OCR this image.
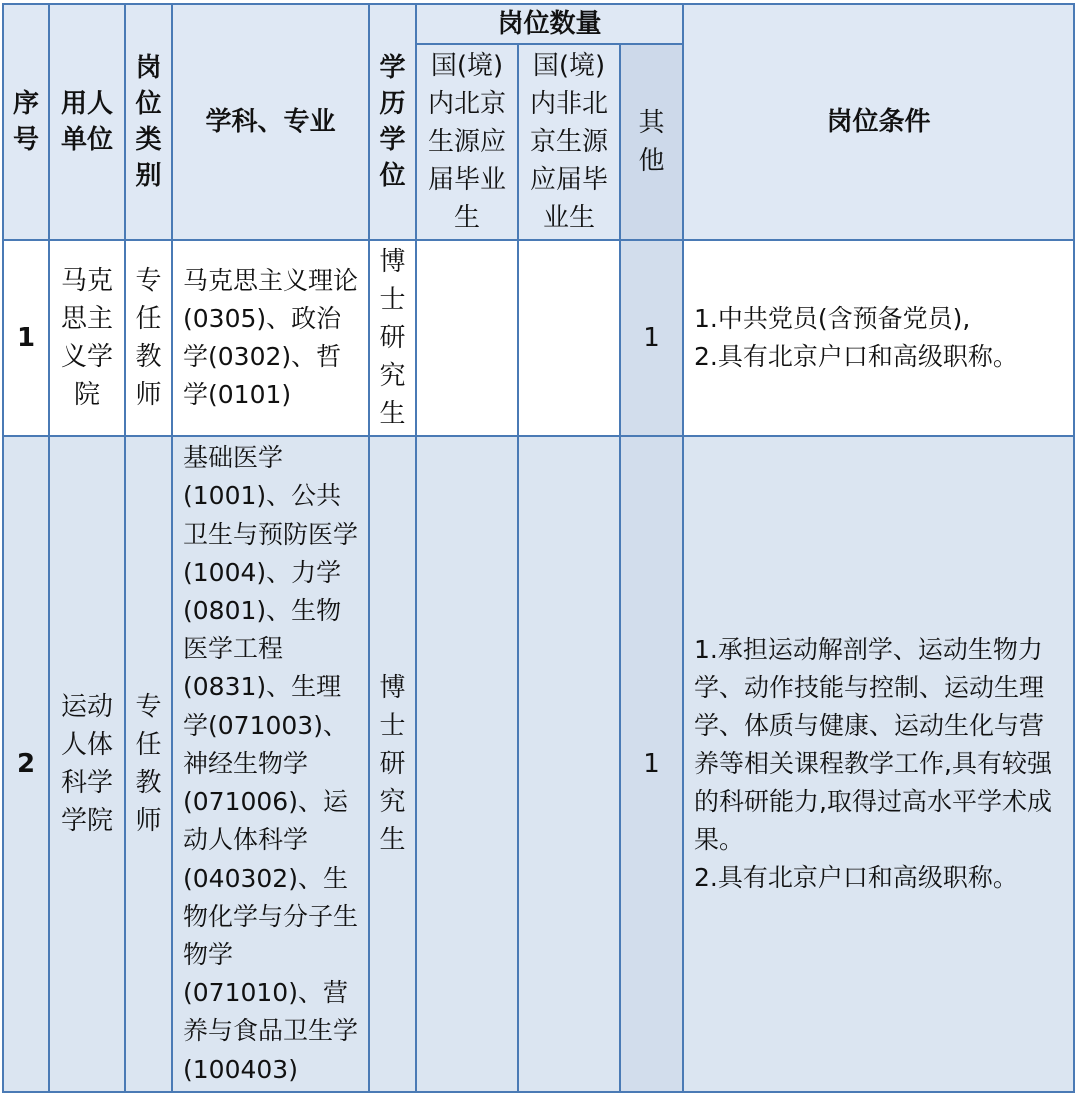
序号	用人单位	岗位类别	学科、专业	学历学位	岗位数量			岗位条件

					国(境)内北京生源应届毕业生	国(境)内非北京生源应届毕业生	其他	

1	马克思主义学院	专任教师	马克思主义理论(0305)、政治学(0302)、哲学(0101)	博士研究生			1	1.中共党员(含预备党员),
2.具有北京户口和高级职称。
2	运动人体科学学院	专任教师	基础医学(1001)、公共卫生与预防医学(1004)、力学(0801)、生物医学工程(0831)、生理学(071003)、神经生物学(071006)、运动人体科学(040302)、生物化学与分子生物学(071010)、营养与食品卫生学(100403)	博士研究生			1	1.承担运动解剖学、运动生物力学、动作技能与控制、运动生理学、体质与健康、运动生化与营养等相关课程教学工作,具有较强的科研能力,取得过高水平学术成果。
2.具有北京户口和高级职称。
